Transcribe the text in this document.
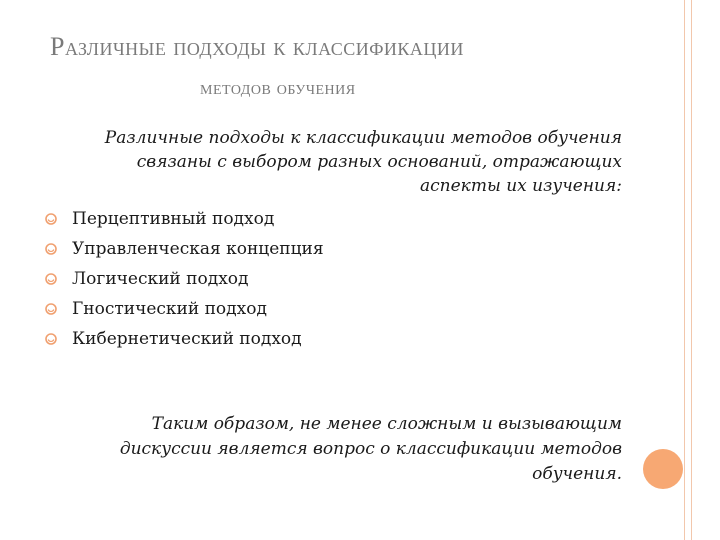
Различные подходы к классификации
методов обучения
Различные подходы к классификации методов обучения связаны с выбором разных оснований, отражающих аспекты их изучения:
Перцептивный подход
Управленческая концепция
Логический подход
Гностический подход
Кибернетический подход
Таким образом, не менее сложным и вызывающим дискуссии является вопрос о классификации методов обучения.
